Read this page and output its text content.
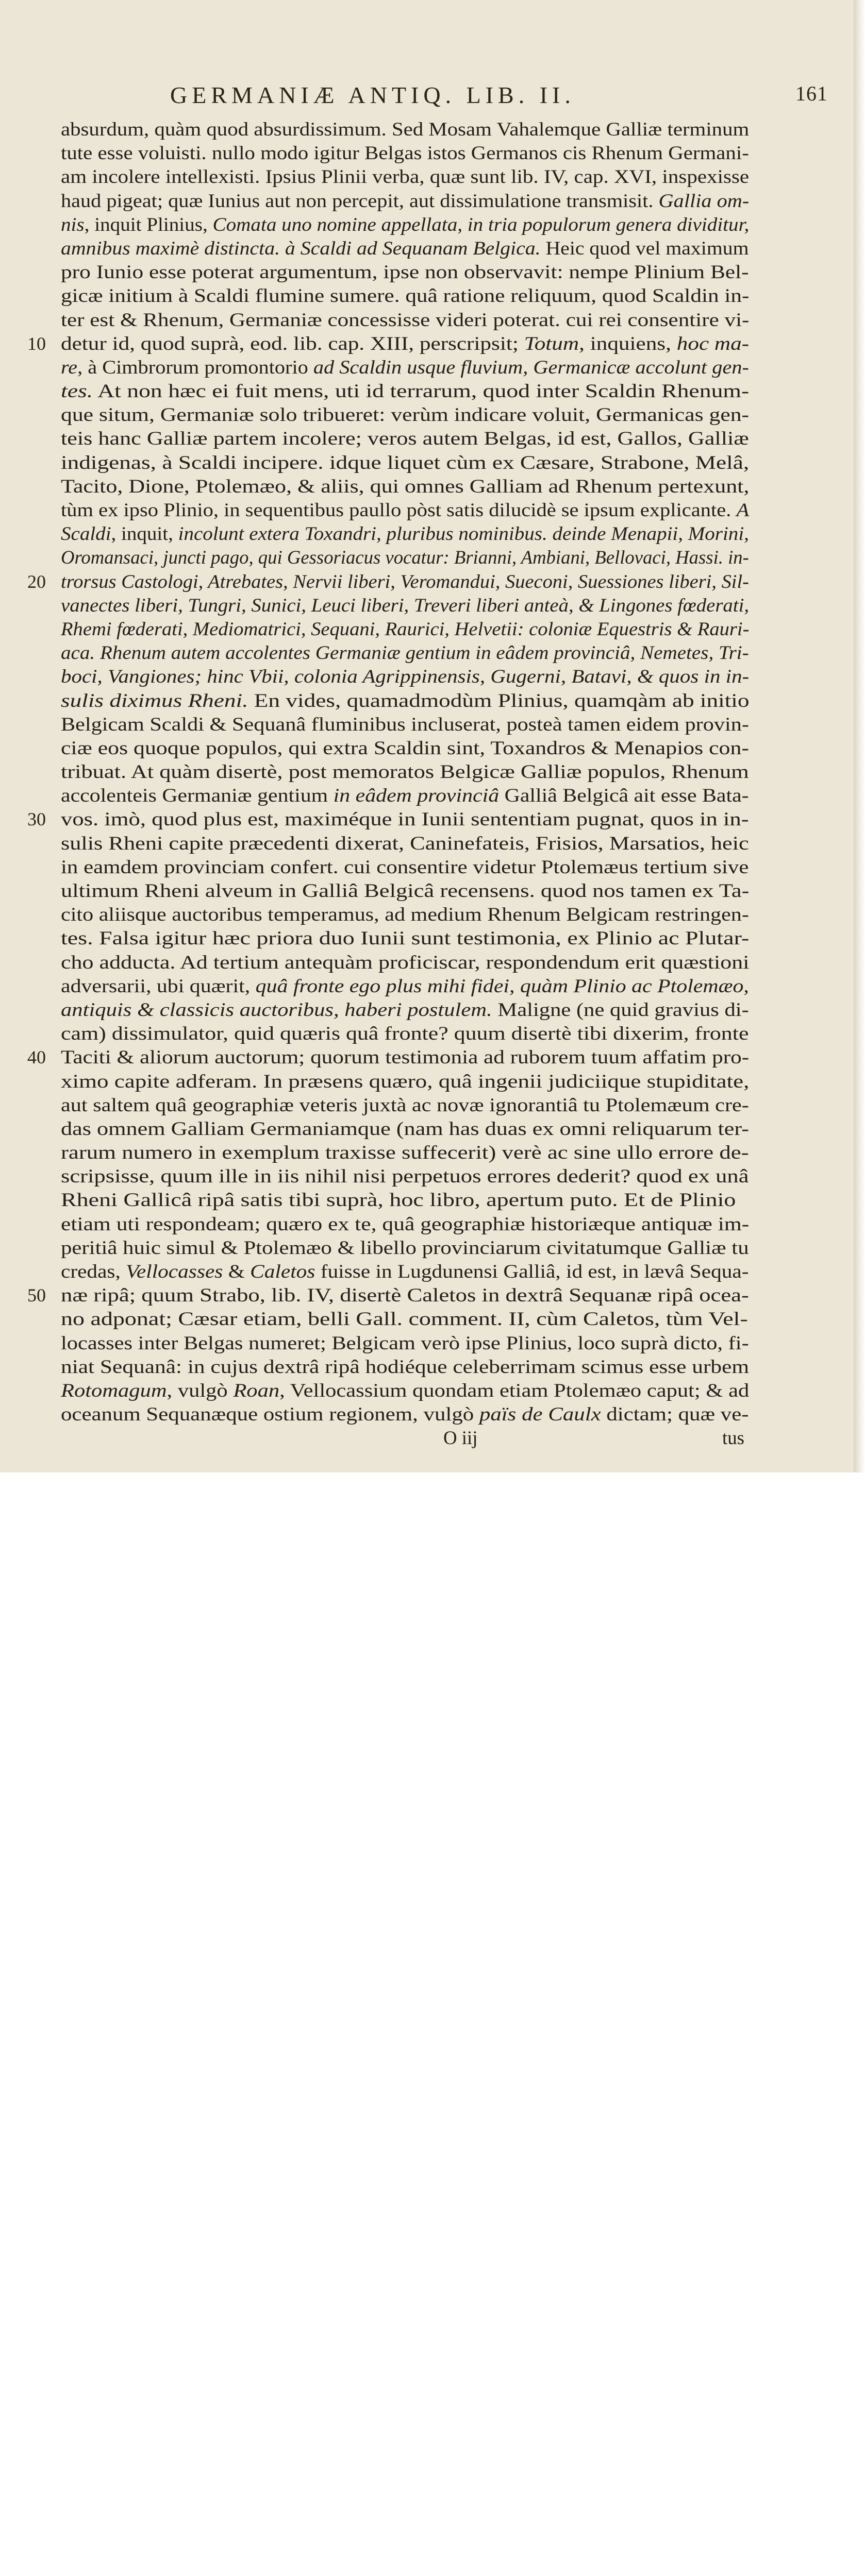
GERMANIÆ ANTIQ. LIB. II.	161
absurdum, quàm quod absurdissimum. Sed Mosam Vahalemque Galliæ terminum
tute esse voluisti. nullo modo igitur Belgas istos Germanos cis Rhenum Germani-
am incolere intellexisti. Ipsius Plinii verba, quæ sunt lib. IV, cap. XVI, inspexisse
haud pigeat; quæ Iunius aut non percepit, aut dissimulatione transmisit. Gallia om-
nis, inquit Plinius, Comata uno nomine appellata, in tria populorum genera dividitur,
amnibus maximè distincta. à Scaldi ad Sequanam Belgica. Heic quod vel maximum
pro Iunio esse poterat argumentum, ipse non observavit: nempe Plinium Bel-
gicæ initium à Scaldi flumine sumere. quâ ratione reliquum, quod Scaldin in-
ter est & Rhenum, Germaniæ concessisse videri poterat. cui rei consentire vi-
10 detur id, quod suprà, eod. lib. cap. XIII, perscripsit; Totum, inquiens, hoc ma-
re, à Cimbrorum promontorio ad Scaldin usque fluvium, Germanicæ accolunt gen-
tes. At non hæc ei fuit mens, uti id terrarum, quod inter Scaldin Rhenum-
que situm, Germaniæ solo tribueret: verùm indicare voluit, Germanicas gen-
teis hanc Galliæ partem incolere; veros autem Belgas, id est, Gallos, Galliæ
indigenas, à Scaldi incipere. idque liquet cùm ex Cæsare, Strabone, Melâ,
Tacito, Dione, Ptolemæo, & aliis, qui omnes Galliam ad Rhenum pertexunt,
tùm ex ipso Plinio, in sequentibus paullo pòst satis dilucidè se ipsum explicante. A
Scaldi, inquit, incolunt extera Toxandri, pluribus nominibus. deinde Menapii, Morini,
Oromansaci, juncti pago, qui Gessoriacus vocatur: Brianni, Ambiani, Bellovaci, Hassi. in-
20 trorsus Castologi, Atrebates, Nervii liberi, Veromandui, Sueconi, Suessiones liberi, Sil-
vanectes liberi, Tungri, Sunici, Leuci liberi, Treveri liberi anteà, & Lingones fœderati,
Rhemi fœderati, Mediomatrici, Sequani, Raurici, Helvetii: coloniæ Equestris & Rauri-
aca. Rhenum autem accolentes Germaniæ gentium in eâdem provinciâ, Nemetes, Tri-
boci, Vangiones; hinc Vbii, colonia Agrippinensis, Gugerni, Batavi, & quos in in-
sulis diximus Rheni. En vides, quamadmodùm Plinius, quamqàm ab initio
Belgicam Scaldi & Sequanâ fluminibus incluserat, posteà tamen eidem provin-
ciæ eos quoque populos, qui extra Scaldin sint, Toxandros & Menapios con-
tribuat. At quàm disertè, post memoratos Belgicæ Galliæ populos, Rhenum
accolenteis Germaniæ gentium in eâdem provinciâ Galliâ Belgicâ ait esse Bata-
30 vos. imò, quod plus est, maximéque in Iunii sententiam pugnat, quos in in-
sulis Rheni capite præcedenti dixerat, Caninefateis, Frisios, Marsatios, heic
in eamdem provinciam confert. cui consentire videtur Ptolemæus tertium sive
ultimum Rheni alveum in Galliâ Belgicâ recensens. quod nos tamen ex Ta-
cito aliisque auctoribus temperamus, ad medium Rhenum Belgicam restringen-
tes. Falsa igitur hæc priora duo Iunii sunt testimonia, ex Plinio ac Plutar-
cho adducta. Ad tertium antequàm proficiscar, respondendum erit quæstioni
adversarii, ubi quærit, quâ fronte ego plus mihi fidei, quàm Plinio ac Ptolemæo,
antiquis & classicis auctoribus, haberi postulem. Maligne (ne quid gravius di-
cam) dissimulator, quid quæris quâ fronte? quum disertè tibi dixerim, fronte
40 Taciti & aliorum auctorum; quorum testimonia ad ruborem tuum affatim pro-
ximo capite adferam. In præsens quæro, quâ ingenii judiciique stupiditate,
aut saltem quâ geographiæ veteris juxtà ac novæ ignorantiâ tu Ptolemæum cre-
das omnem Galliam Germaniamque (nam has duas ex omni reliquarum ter-
rarum numero in exemplum traxisse suffecerit) verè ac sine ullo errore de-
scripsisse, quum ille in iis nihil nisi perpetuos errores dederit? quod ex unâ
Rheni Gallicâ ripâ satis tibi suprà, hoc libro, apertum puto. Et de Plinio
etiam uti respondeam; quæro ex te, quâ geographiæ historiæque antiquæ im-
peritiâ huic simul & Ptolemæo & libello provinciarum civitatumque Galliæ tu
credas, Vellocasses & Caletos fuisse in Lugdunensi Galliâ, id est, in lævâ Sequa-
50 næ ripâ; quum Strabo, lib. IV, disertè Caletos in dextrâ Sequanæ ripâ ocea-
no adponat; Cæsar etiam, belli Gall. comment. II, cùm Caletos, tùm Vel-
locasses inter Belgas numeret; Belgicam verò ipse Plinius, loco suprà dicto, fi-
niat Sequanâ: in cujus dextrâ ripâ hodiéque celeberrimam scimus esse urbem
Rotomagum, vulgò Roan, Vellocassium quondam etiam Ptolemæo caput; & ad
oceanum Sequanæque ostium regionem, vulgò païs de Caulx dictam; quæ ve-
O iij	tus
